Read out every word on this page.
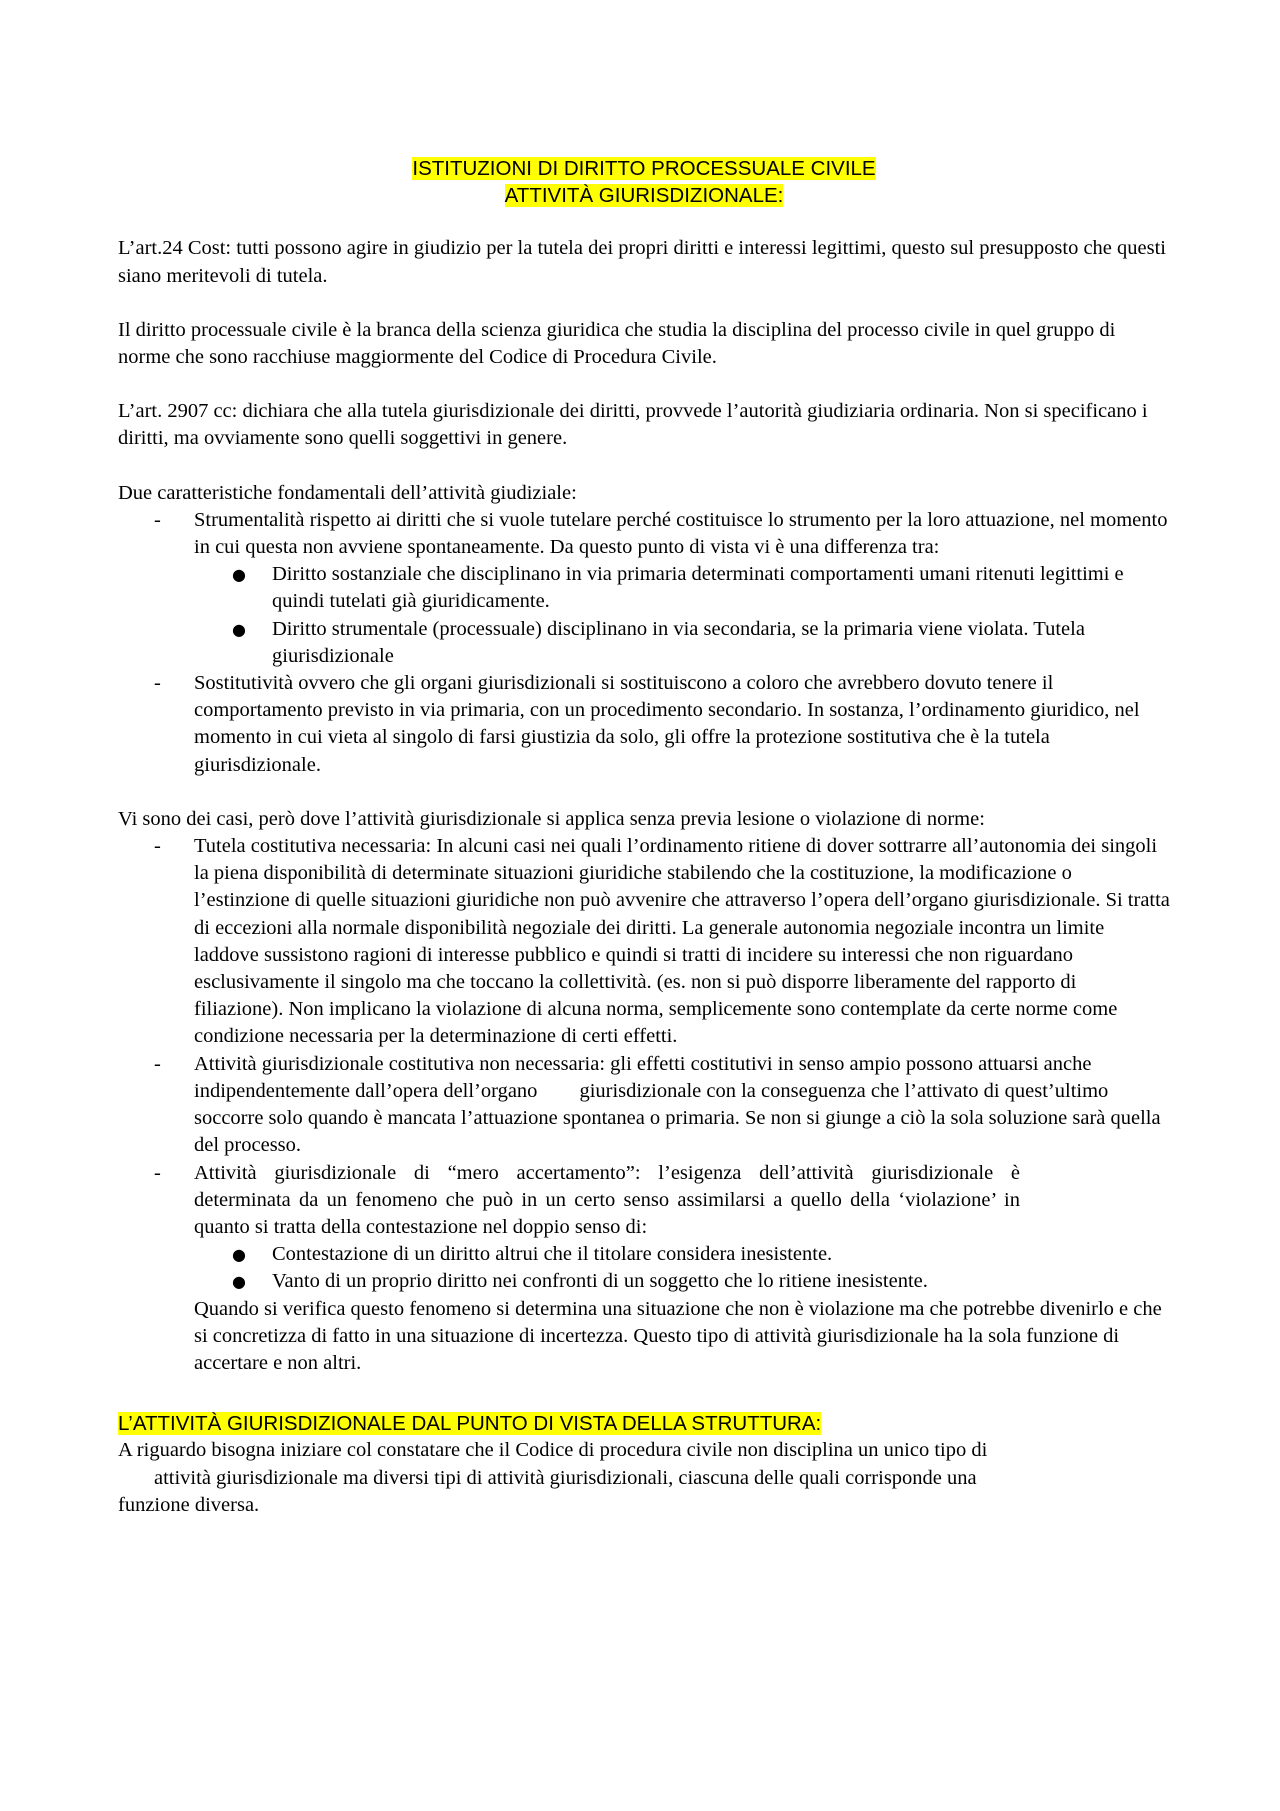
ISTITUZIONI DI DIRITTO PROCESSUALE CIVILE
ATTIVITÀ GIURISDIZIONALE:

L’art.24 Cost: tutti possono agire in giudizio per la tutela dei propri diritti e interessi legittimi, questo sul presupposto che questi siano meritevoli di tutela.

Il diritto processuale civile è la branca della scienza giuridica che studia la disciplina del processo civile in quel gruppo di norme che sono racchiuse maggiormente del Codice di Procedura Civile.

L’art. 2907 cc: dichiara che alla tutela giurisdizionale dei diritti, provvede l’autorità giudiziaria ordinaria. Non si specificano i diritti, ma ovviamente sono quelli soggettivi in genere.

Due caratteristiche fondamentali dell’attività giudiziale:
- Strumentalità rispetto ai diritti che si vuole tutelare perché costituisce lo strumento per la loro attuazione, nel momento in cui questa non avviene spontaneamente. Da questo punto di vista vi è una differenza tra:
● Diritto sostanziale che disciplinano in via primaria determinati comportamenti umani ritenuti legittimi e quindi tutelati già giuridicamente.
● Diritto strumentale (processuale) disciplinano in via secondaria, se la primaria viene violata. Tutela giurisdizionale
- Sostitutività ovvero che gli organi giurisdizionali si sostituiscono a coloro che avrebbero dovuto tenere il comportamento previsto in via primaria, con un procedimento secondario. In sostanza, l’ordinamento giuridico, nel momento in cui vieta al singolo di farsi giustizia da solo, gli offre la protezione sostitutiva che è la tutela giurisdizionale.
Vi sono dei casi, però dove l’attività giurisdizionale si applica senza previa lesione o violazione di norme:
- Tutela costitutiva necessaria: In alcuni casi nei quali l’ordinamento ritiene di dover sottrarre all’autonomia dei singoli la piena disponibilità di determinate situazioni giuridiche stabilendo che la costituzione, la modificazione o l’estinzione di quelle situazioni giuridiche non può avvenire che attraverso l’opera dell’organo giurisdizionale. Si tratta di eccezioni alla normale disponibilità negoziale dei diritti. La generale autonomia negoziale incontra un limite laddove sussistono ragioni di interesse pubblico e quindi si tratti di incidere su interessi che non riguardano esclusivamente il singolo ma che toccano la collettività. (es. non si può disporre liberamente del rapporto di filiazione). Non implicano la violazione di alcuna norma, semplicemente sono contemplate da certe norme come condizione necessaria per la determinazione di certi effetti.
- Attività giurisdizionale costitutiva non necessaria: gli effetti costitutivi in senso ampio possono attuarsi anche indipendentemente dall’opera dell’organo giurisdizionale con la conseguenza che l’attivato di quest’ultimo soccorre solo quando è mancata l’attuazione spontanea o primaria. Se non si giunge a ciò la sola soluzione sarà quella del processo.
- Attività giurisdizionale di “mero accertamento”: l’esigenza dell’attività giurisdizionale è determinata da un fenomeno che può in un certo senso assimilarsi a quello della ‘violazione’ in quanto si tratta della contestazione nel doppio senso di:
● Contestazione di un diritto altrui che il titolare considera inesistente.
● Vanto di un proprio diritto nei confronti di un soggetto che lo ritiene inesistente.
Quando si verifica questo fenomeno si determina una situazione che non è violazione ma che potrebbe divenirlo e che si concretizza di fatto in una situazione di incertezza. Questo tipo di attività giurisdizionale ha la sola funzione di accertare e non altri.
L’ATTIVITÀ GIURISDIZIONALE DAL PUNTO DI VISTA DELLA STRUTTURA:
A riguardo bisogna iniziare col constatare che il Codice di procedura civile non disciplina un unico tipo diattività giurisdizionale ma diversi tipi di attività giurisdizionali, ciascuna delle quali corrisponde una funzione diversa.
